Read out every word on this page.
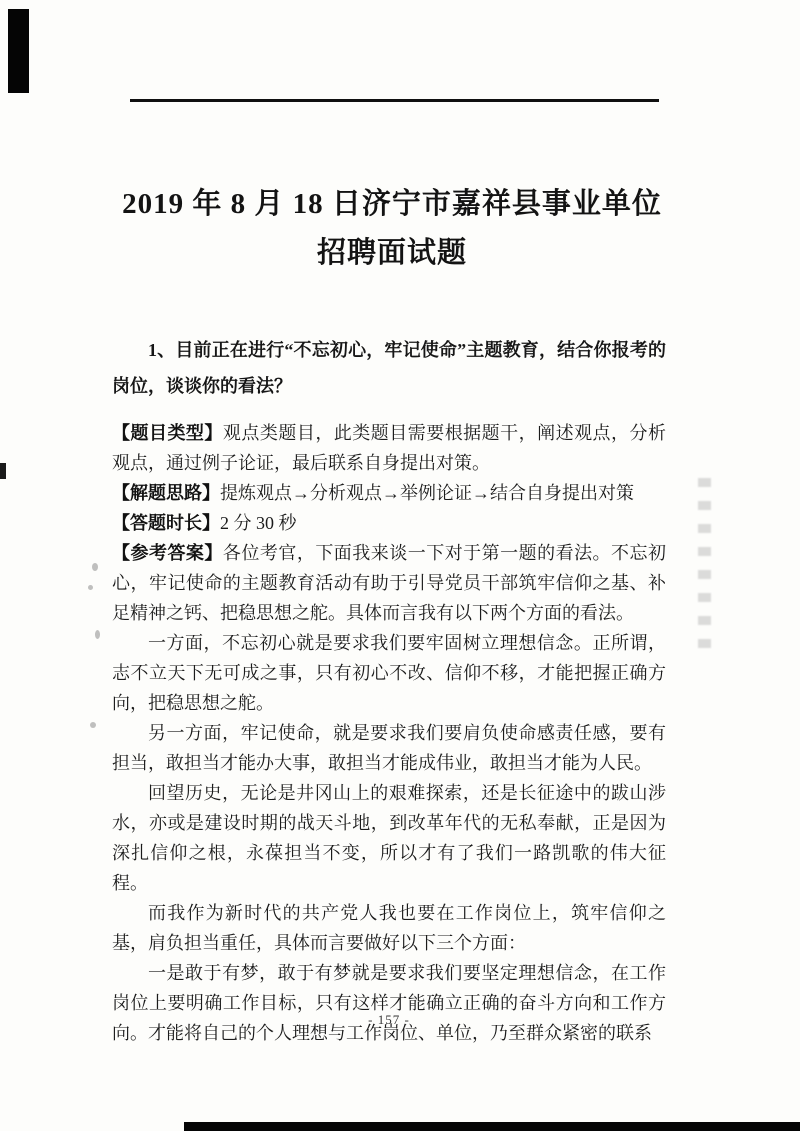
2019 年 8 月 18 日济宁市嘉祥县事业单位招聘面试题

1、目前正在进行“不忘初心，牢记使命”主题教育，结合你报考的岗位，谈谈你的看法？

【题目类型】观点类题目，此类题目需要根据题干，阐述观点，分析观点，通过例子论证，最后联系自身提出对策。

【解题思路】提炼观点→分析观点→举例论证→结合自身提出对策

【答题时长】2 分 30 秒

【参考答案】各位考官，下面我来谈一下对于第一题的看法。不忘初心，牢记使命的主题教育活动有助于引导党员干部筑牢信仰之基、补足精神之钙、把稳思想之舵。具体而言我有以下两个方面的看法。

一方面，不忘初心就是要求我们要牢固树立理想信念。正所谓，志不立天下无可成之事，只有初心不改、信仰不移，才能把握正确方向，把稳思想之舵。

另一方面，牢记使命，就是要求我们要肩负使命感责任感，要有担当，敢担当才能办大事，敢担当才能成伟业，敢担当才能为人民。

回望历史，无论是井冈山上的艰难探索，还是长征途中的跋山涉水，亦或是建设时期的战天斗地，到改革年代的无私奉献，正是因为深扎信仰之根，永葆担当不变，所以才有了我们一路凯歌的伟大征程。

而我作为新时代的共产党人我也要在工作岗位上，筑牢信仰之基，肩负担当重任，具体而言要做好以下三个方面：

一是敢于有梦，敢于有梦就是要求我们要坚定理想信念，在工作岗位上要明确工作目标，只有这样才能确立正确的奋斗方向和工作方向。才能将自己的个人理想与工作岗位、单位，乃至群众紧密的联系

- 157 -
